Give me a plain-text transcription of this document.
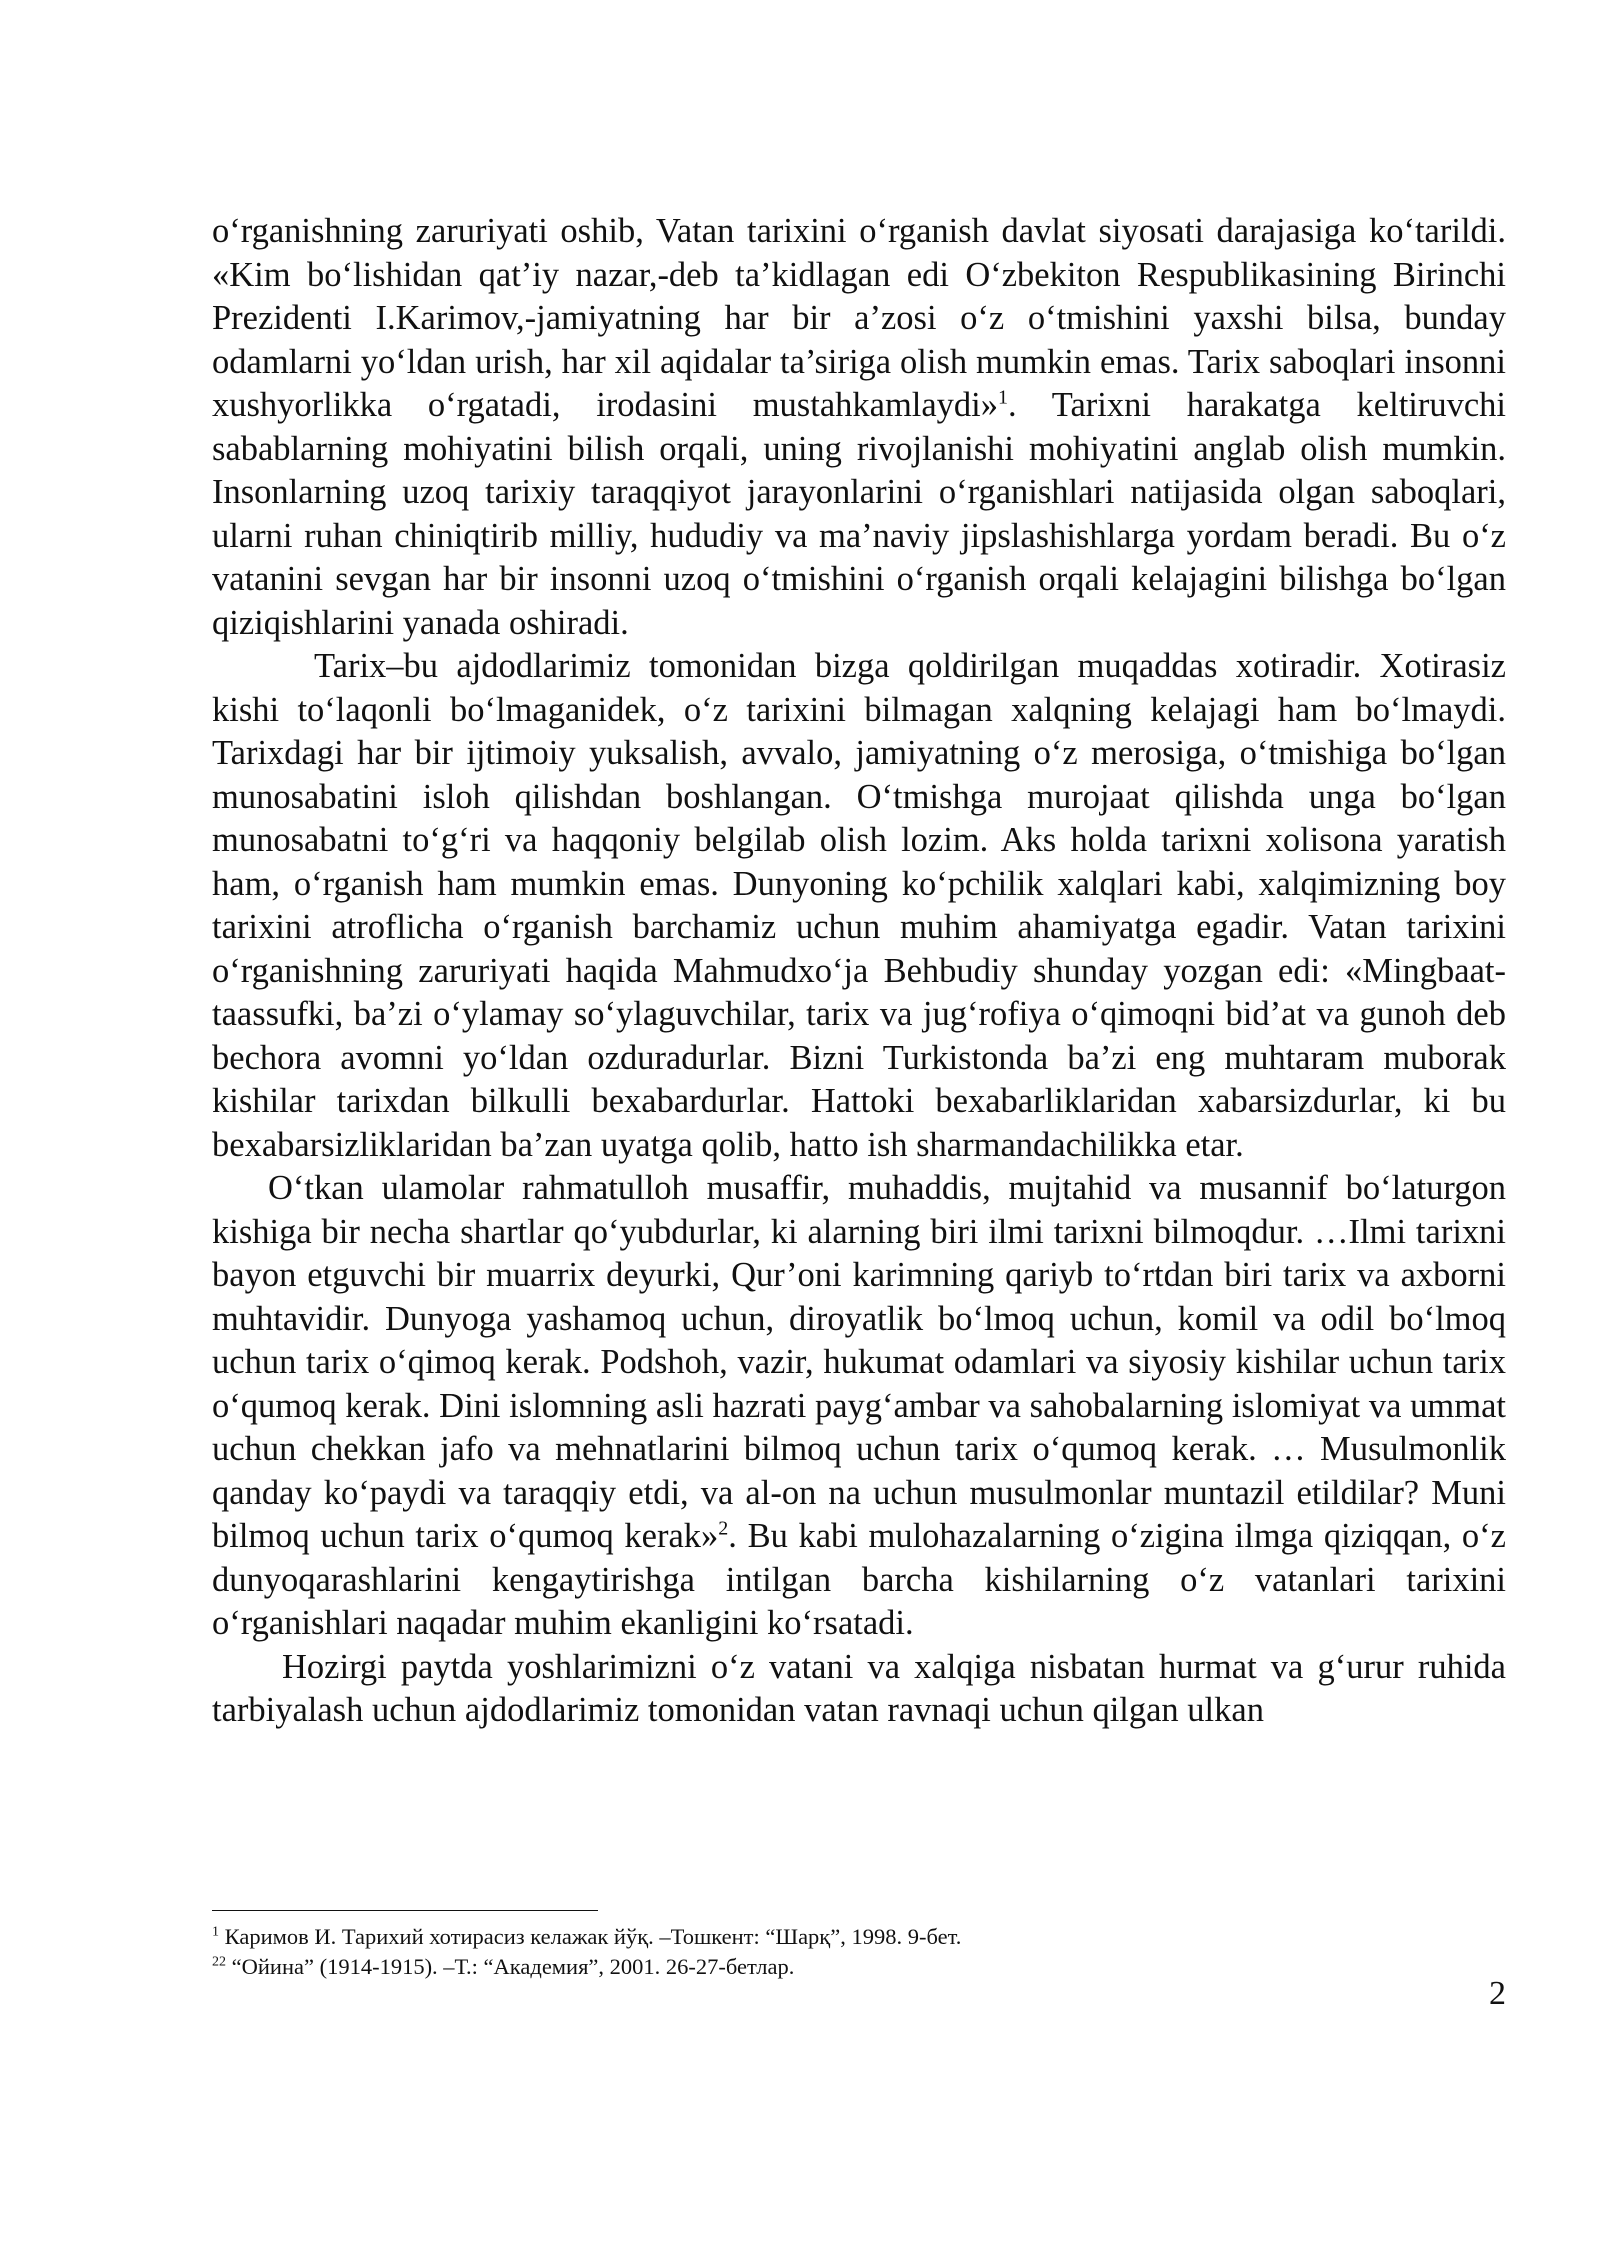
o‘rganishning zaruriyati oshib, Vatan tarixini o‘rganish davlat siyosati darajasiga ko‘tarildi. «Kim bo‘lishidan qat’iy nazar,-deb ta’kidlagan edi O‘zbekiton Respublikasining Birinchi Prezidenti I.Karimov,-jamiyatning har bir a’zosi o‘z o‘tmishini yaxshi bilsa, bunday odamlarni yo‘ldan urish, har xil aqidalar ta’siriga olish mumkin emas. Tarix saboqlari insonni xushyorlikka o‘rgatadi, irodasini mustahkamlaydi»$^1$. Tarixni harakatga keltiruvchi sabablarning mohiyatini bilish orqali, uning rivojlanishi mohiyatini anglab olish mumkin. Insonlarning uzoq tarixiy taraqqiyot jarayonlarini o‘rganishlari natijasida olgan saboqlari, ularni ruhan chiniqtirib milliy, hududiy va ma’naviy jipslashishlarga yordam beradi. Bu o‘z vatanini sevgan har bir insonni uzoq o‘tmishini o‘rganish orqali kelajagini bilishga bo‘lgan qiziqishlarini yanada oshiradi.

Tarix–bu ajdodlarimiz tomonidan bizga qoldirilgan muqaddas xotiradir. Xotirasiz kishi to‘laqonli bo‘lmaganidek, o‘z tarixini bilmagan xalqning kelajagi ham bo‘lmaydi. Tarixdagi har bir ijtimoiy yuksalish, avvalo, jamiyatning o‘z merosiga, o‘tmishiga bo‘lgan munosabatini isloh qilishdan boshlangan. O‘tmishga murojaat qilishda unga bo‘lgan munosabatni to‘g‘ri va haqqoniy belgilab olish lozim. Aks holda tarixni xolisona yaratish ham, o‘rganish ham mumkin emas. Dunyoning ko‘pchilik xalqlari kabi, xalqimizning boy tarixini atroflicha o‘rganish barchamiz uchun muhim ahamiyatga egadir. Vatan tarixini o‘rganishning zaruriyati haqida Mahmudxo‘ja Behbudiy shunday yozgan edi: «Mingbaat-taassufki, ba’zi o‘ylamay so‘ylaguvchilar, tarix va jug‘rofiya o‘qimoqni bid’at va gunoh deb bechora avomni yo‘ldan ozduradurlar. Bizni Turkistonda ba’zi eng muhtaram muborak kishilar tarixdan bilkulli bexabardurlar. Hattoki bexabarliklaridan xabarsizdurlar, ki bu bexabarsizliklaridan ba’zan uyatga qolib, hatto ish sharmandachilikka etar.

O‘tkan ulamolar rahmatulloh musaffir, muhaddis, mujtahid va musannif bo‘laturgon kishiga bir necha shartlar qo‘yubdurlar, ki alarning biri ilmi tarixni bilmoqdur. …Ilmi tarixni bayon etguvchi bir muarrix deyurki, Qur’oni karimning qariyb to‘rtdan biri tarix va axborni muhtavidir. Dunyoga yashamoq uchun, diroyatlik bo‘lmoq uchun, komil va odil bo‘lmoq uchun tarix o‘qimoq kerak. Podshoh, vazir, hukumat odamlari va siyosiy kishilar uchun tarix o‘qumoq kerak. Dini islomning asli hazrati payg‘ambar va sahobalarning islomiyat va ummat uchun chekkan jafo va mehnatlarini bilmoq uchun tarix o‘qumoq kerak. … Musulmonlik qanday ko‘paydi va taraqqiy etdi, va al-on na uchun musulmonlar muntazil etildilar? Muni bilmoq uchun tarix o‘qumoq kerak»$^2$. Bu kabi mulohazalarning o‘zigina ilmga qiziqqan, o‘z dunyoqarashlarini kengaytirishga intilgan barcha kishilarning o‘z vatanlari tarixini o‘rganishlari naqadar muhim ekanligini ko‘rsatadi.

Hozirgi paytda yoshlarimizni o‘z vatani va xalqiga nisbatan hurmat va g‘urur ruhida tarbiyalash uchun ajdodlarimiz tomonidan vatan ravnaqi uchun qilgan ulkan

$^1$ Каримов И. Тарихий хотирасиз келажак йўқ. –Тошкент: “Шарқ”, 1998. 9-бет.

$^{22}$ “Ойина” (1914-1915). –Т.: “Академия”, 2001. 26-27-бетлар.

2
